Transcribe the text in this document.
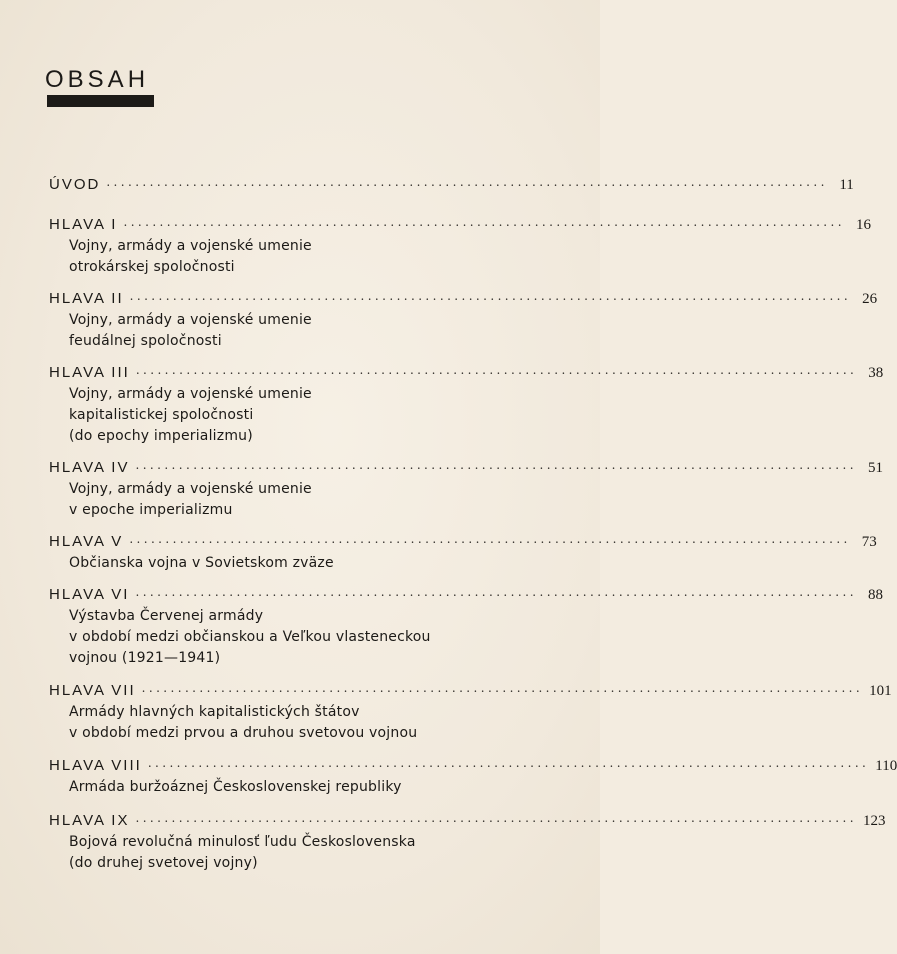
OBSAH
ÚVOD .................................................................................................... 11
HLAVA I .................................................................................................... 16
Vojny, armády a vojenské umenie
otrokárskej spoločnosti
HLAVA II .................................................................................................... 26
Vojny, armády a vojenské umenie
feudálnej spoločnosti
HLAVA III .................................................................................................... 38
Vojny, armády a vojenské umenie
kapitalistickej spoločnosti
(do epochy imperializmu)
HLAVA IV .................................................................................................... 51
Vojny, armády a vojenské umenie
v epoche imperializmu
HLAVA V .................................................................................................... 73
Občianska vojna v Sovietskom zväze
HLAVA VI .................................................................................................... 88
Výstavba Červenej armády
v období medzi občianskou a Veľkou vlasteneckou
vojnou (1921—1941)
HLAVA VII .................................................................................................... 101
Armády hlavných kapitalistických štátov
v období medzi prvou a druhou svetovou vojnou
HLAVA VIII .................................................................................................... 110
Armáda buržoáznej Československej republiky
HLAVA IX .................................................................................................... 123
Bojová revolučná minulosť ľudu Československa
(do druhej svetovej vojny)
